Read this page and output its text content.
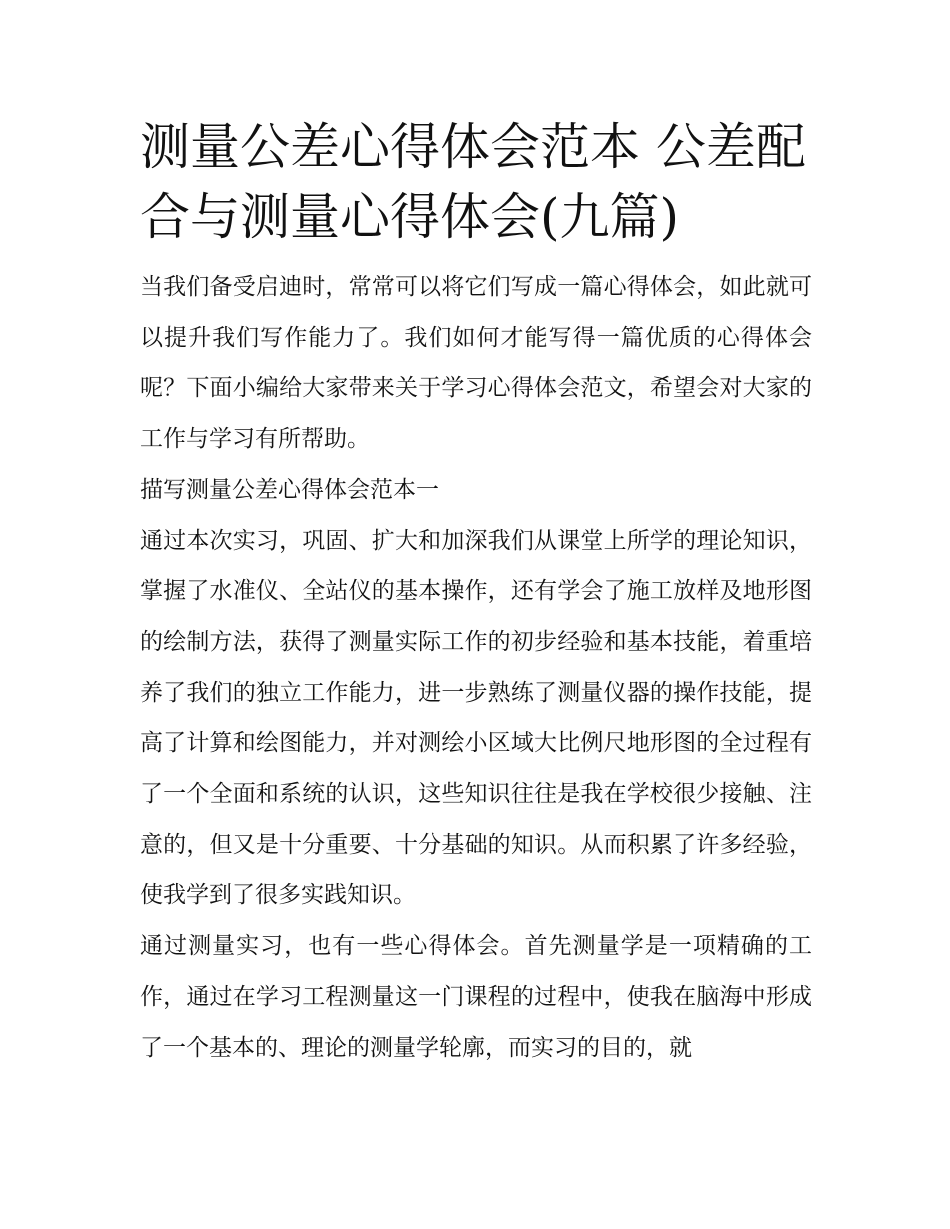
测量公差心得体会范本 公差配合与测量心得体会(九篇)

当我们备受启迪时，常常可以将它们写成一篇心得体会，如此就可以提升我们写作能力了。我们如何才能写得一篇优质的心得体会呢？下面小编给大家带来关于学习心得体会范文，希望会对大家的工作与学习有所帮助。

描写测量公差心得体会范本一

通过本次实习，巩固、扩大和加深我们从课堂上所学的理论知识，掌握了水准仪、全站仪的基本操作，还有学会了施工放样及地形图的绘制方法，获得了测量实际工作的初步经验和基本技能，着重培养了我们的独立工作能力，进一步熟练了测量仪器的操作技能，提高了计算和绘图能力，并对测绘小区域大比例尺地形图的全过程有了一个全面和系统的认识，这些知识往往是我在学校很少接触、注意的，但又是十分重要、十分基础的知识。从而积累了许多经验，使我学到了很多实践知识。

通过测量实习，也有一些心得体会。首先测量学是一项精确的工作，通过在学习工程测量这一门课程的过程中，使我在脑海中形成了一个基本的、理论的测量学轮廓，而实习的目的，就
